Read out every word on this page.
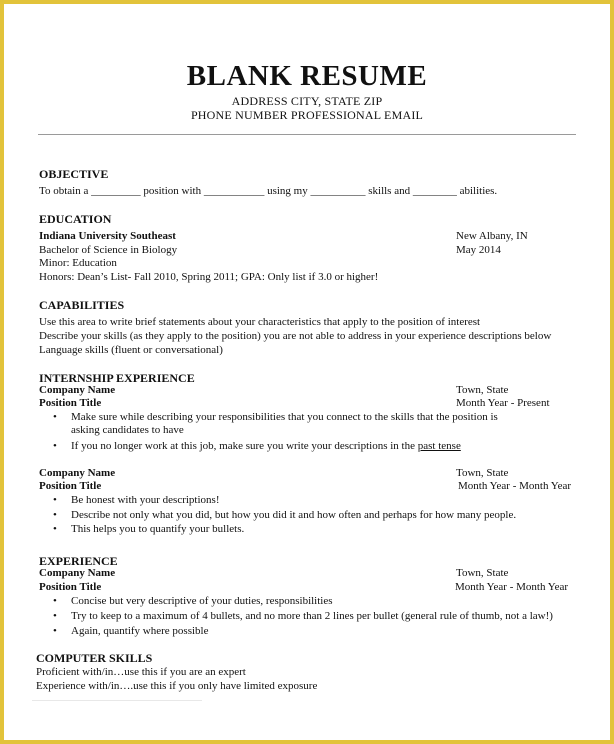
BLANK RESUME
ADDRESS CITY, STATE ZIP
PHONE NUMBER PROFESSIONAL EMAIL
OBJECTIVE
To obtain a _________ position with ___________ using my __________ skills and ________ abilities.
EDUCATION
Indiana University Southeast	New Albany, IN
Bachelor of Science in Biology	May 2014
Minor: Education
Honors: Dean’s List- Fall 2010, Spring 2011; GPA: Only list if 3.0 or higher!
CAPABILITIES
Use this area to write brief statements about your characteristics that apply to the position of interest
Describe your skills (as they apply to the position) you are not able to address in your experience descriptions below
Language skills (fluent or conversational)
INTERNSHIP EXPERIENCE
Company Name	Town, State
Position Title	Month Year - Present
• Make sure while describing your responsibilities that you connect to the skills that the position is
asking candidates to have
• If you no longer work at this job, make sure you write your descriptions in the past tense
Company Name	Town, State
Position Title	Month Year - Month Year
• Be honest with your descriptions!
• Describe not only what you did, but how you did it and how often and perhaps for how many people.
• This helps you to quantify your bullets.
EXPERIENCE
Company Name	Town, State
Position Title	Month Year - Month Year
• Concise but very descriptive of your duties, responsibilities
• Try to keep to a maximum of 4 bullets, and no more than 2 lines per bullet (general rule of thumb, not a law!)
• Again, quantify where possible
COMPUTER SKILLS
Proficient with/in…use this if you are an expert
Experience with/in….use this if you only have limited exposure
